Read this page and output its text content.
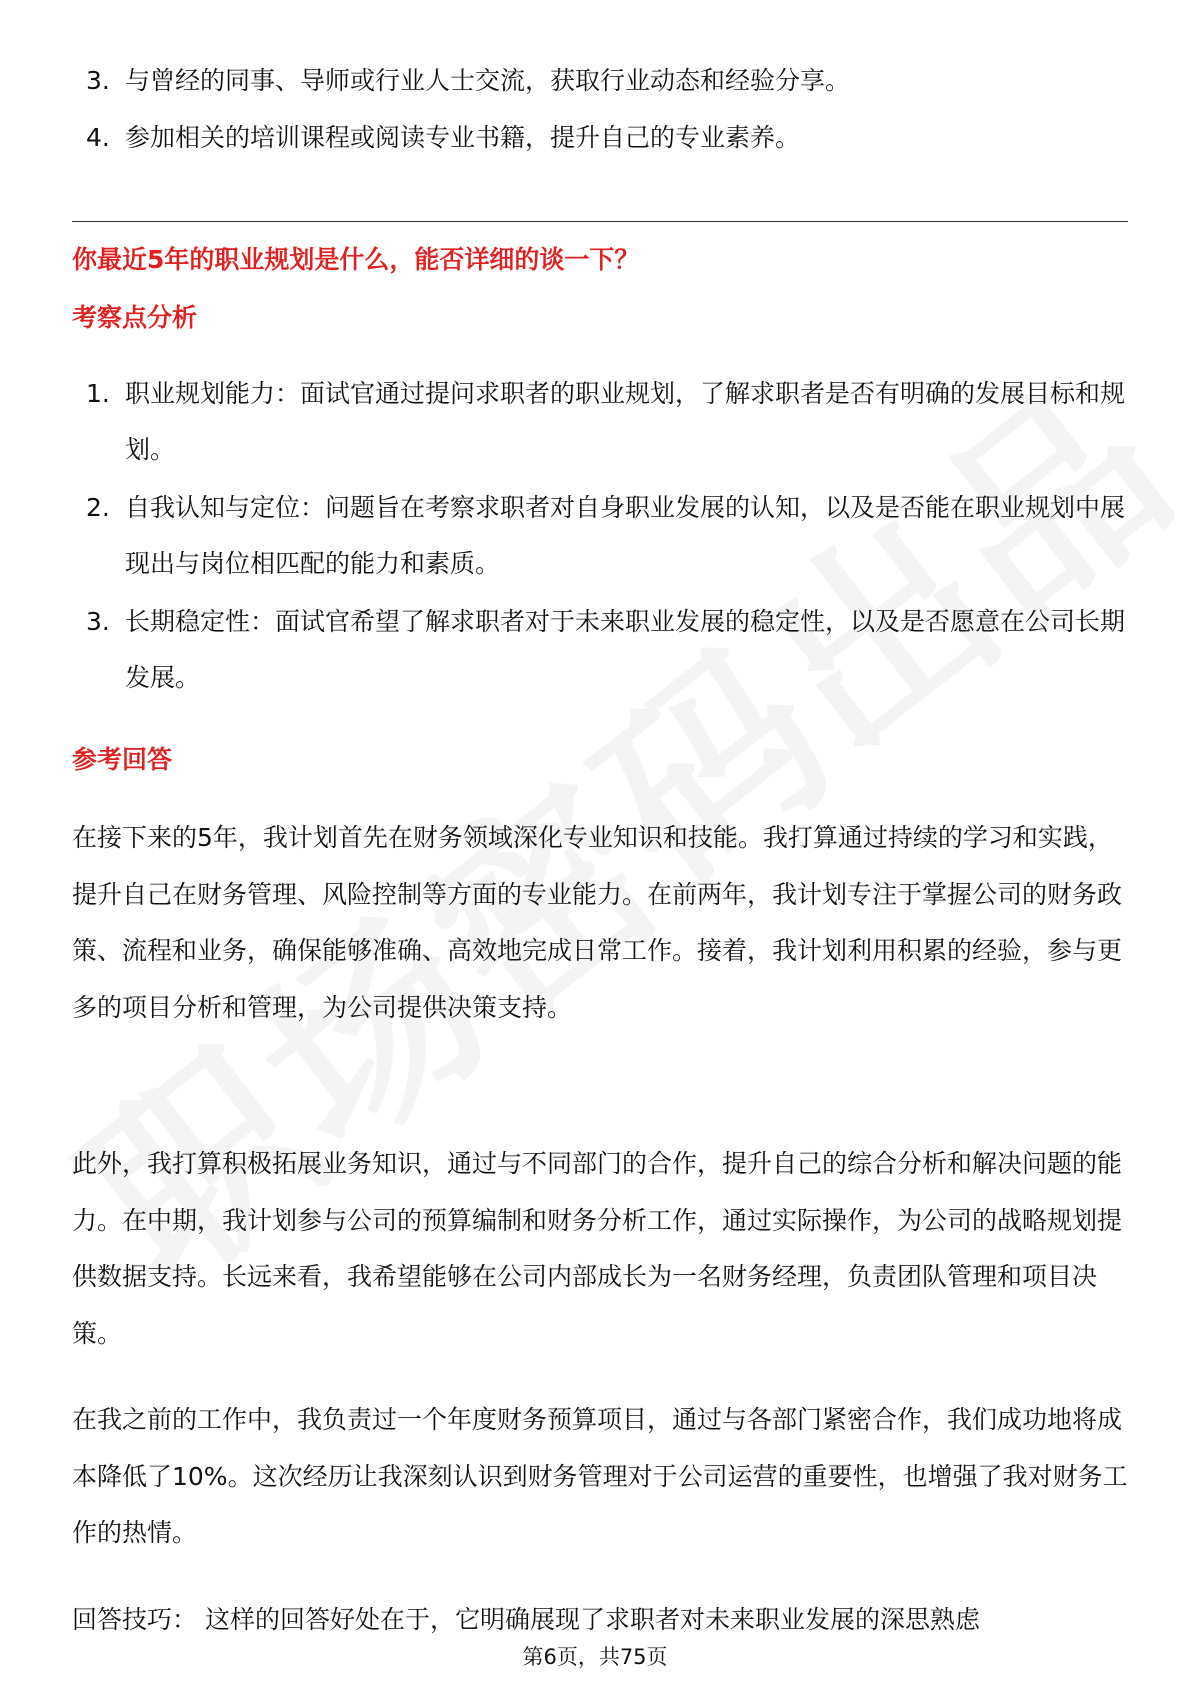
3. 与曾经的同事、导师或行业人士交流，获取行业动态和经验分享。
4. 参加相关的培训课程或阅读专业书籍，提升自己的专业素养。
你最近5年的职业规划是什么，能否详细的谈一下？
考察点分析
1. 职业规划能力：面试官通过提问求职者的职业规划，了解求职者是否有明确的发展目标和规划。
2. 自我认知与定位：问题旨在考察求职者对自身职业发展的认知，以及是否能在职业规划中展现出与岗位相匹配的能力和素质。
3. 长期稳定性：面试官希望了解求职者对于未来职业发展的稳定性，以及是否愿意在公司长期发展。
参考回答

在接下来的5年，我计划首先在财务领域深化专业知识和技能。我打算通过持续的学习和实践，提升自己在财务管理、风险控制等方面的专业能力。在前两年，我计划专注于掌握公司的财务政策、流程和业务，确保能够准确、高效地完成日常工作。接着，我计划利用积累的经验，参与更多的项目分析和管理，为公司提供决策支持。

此外，我打算积极拓展业务知识，通过与不同部门的合作，提升自己的综合分析和解决问题的能力。在中期，我计划参与公司的预算编制和财务分析工作，通过实际操作，为公司的战略规划提供数据支持。长远来看，我希望能够在公司内部成长为一名财务经理，负责团队管理和项目决策。

在我之前的工作中，我负责过一个年度财务预算项目，通过与各部门紧密合作，我们成功地将成本降低了10%。这次经历让我深刻认识到财务管理对于公司运营的重要性，也增强了我对财务工作的热情。

回答技巧： 这样的回答好处在于，它明确展现了求职者对未来职业发展的深思熟虑

第6页，共75页
